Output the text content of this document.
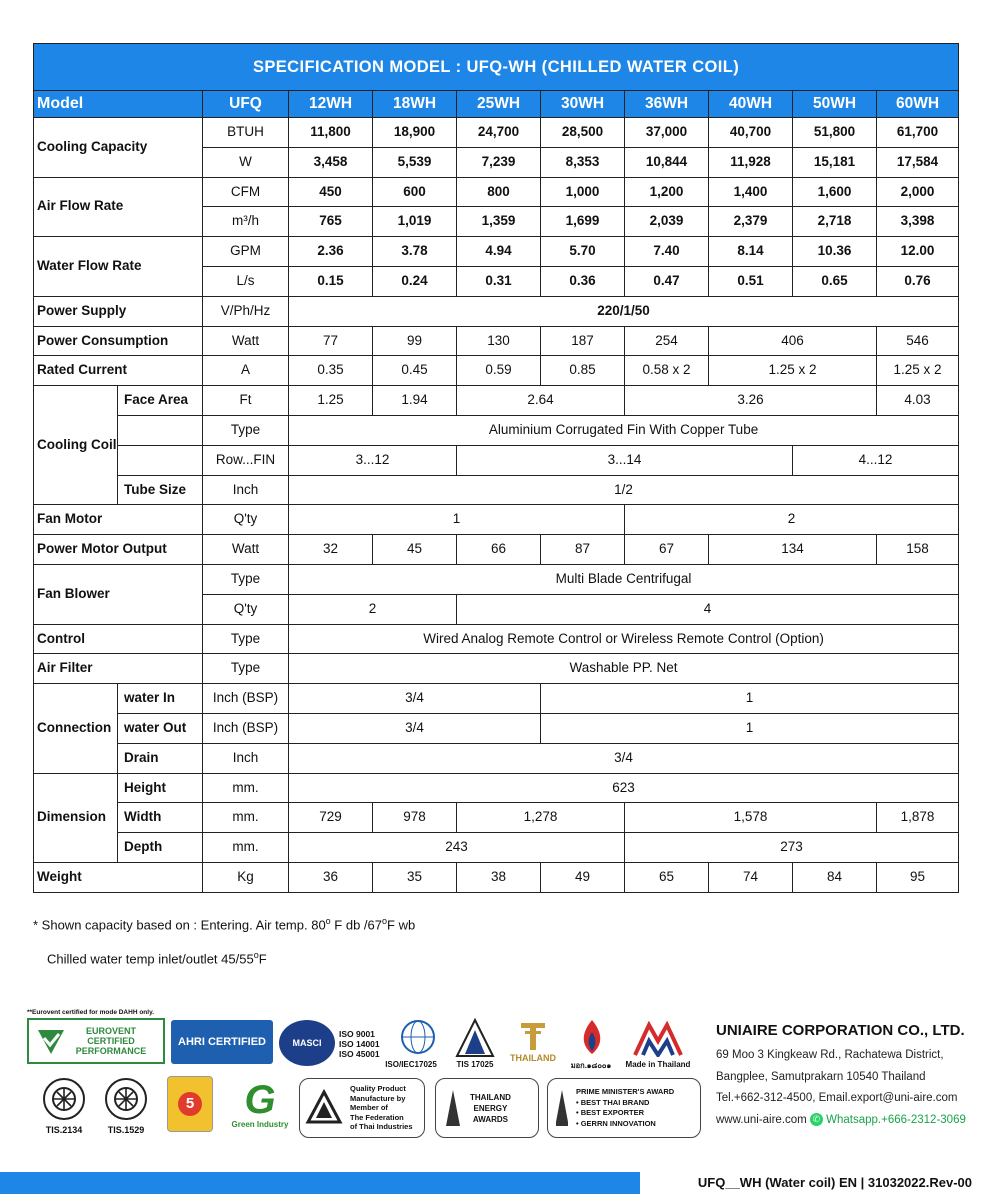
SPECIFICATION MODEL : UFQ-WH (CHILLED WATER COIL)										
Model		UFQ	12WH	18WH	25WH	30WH	36WH	40WH	50WH	60WH
Cooling Capacity		BTUH	11,800	18,900	24,700	28,500	37,000	40,700	51,800	61,700
		W	3,458	5,539	7,239	8,353	10,844	11,928	15,181	17,584
Air Flow Rate		CFM	450	600	800	1,000	1,200	1,400	1,600	2,000
		m³/h	765	1,019	1,359	1,699	2,039	2,379	2,718	3,398
Water Flow Rate		GPM	2.36	3.78	4.94	5.70	7.40	8.14	10.36	12.00
		L/s	0.15	0.24	0.31	0.36	0.47	0.51	0.65	0.76
Power Supply		V/Ph/Hz	220/1/50							
Power Consumption		Watt	77	99	130	187	254	406		546
Rated Current		A	0.35	0.45	0.59	0.85	0.58 x 2	1.25 x 2		1.25 x 2
Cooling Coil	Face Area	Ft	1.25	1.94	2.64		3.26			4.03
		Type	Aluminium Corrugated Fin With Copper Tube							
		Row...FIN	3...12		3...14				4...12	
	Tube Size	Inch	1/2							
Fan Motor		Q'ty	1				2			
Power Motor Output		Watt	32	45	66	87	67	134		158
Fan Blower		Type	Multi Blade Centrifugal							
		Q'ty	2		4					
Control		Type	Wired Analog Remote Control or Wireless Remote Control (Option)							
Air Filter		Type	Washable PP. Net							
Connection	water In	Inch (BSP)	3/4			1				
	water Out	Inch (BSP)	3/4			1				
	Drain	Inch	3/4							
Dimension	Height	mm.	623							
	Width	mm.	729	978	1,278		1,578			1,878
	Depth	mm.	243				273			
Weight		Kg	36	35	38	49	65	74	84	95
* Shown capacity based on : Entering. Air temp. 80$^o$ F db /67$^o$F wb
Chilled water temp inlet/outlet 45/55$^o$F
**Eurovent certified for mode DAHH only.
EUROVENT CERTIFIED PERFORMANCE
AHRI CERTIFIED	MASCI
ISO 9001
ISO 14001
ISO 45001
ISO/IEC17025	TIS 17025
THAILAND
มอก.๑๘๐๐๑	Made in Thailand
TIS.2134	TIS.1529
5 G
Green Industry
Quality Product
Manufacture by
Member of
The Federation
of Thai Industries
THAILAND
ENERGY
AWARDS
PRIME MINISTER'S AWARD
• BEST THAI BRAND
• BEST EXPORTER
• GERRN INNOVATION
UNIAIRE CORPORATION CO., LTD.
69 Moo 3 Kingkeaw Rd., Rachatewa District,
Bangplee, Samutprakarn 10540 Thailand
Tel.+662-312-4500, Email.export@uni-aire.com
www.uni-aire.com ✆ Whatsapp.+666-2312-3069
UFQ__WH (Water coil) EN | 31032022.Rev-00
